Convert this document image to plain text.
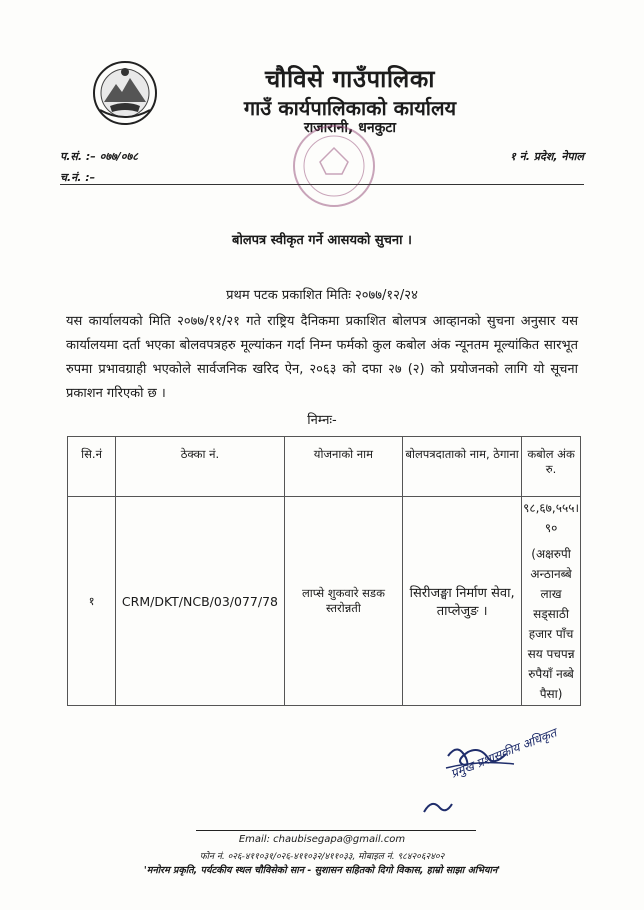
चौविसे गाउँपालिका
गाउँ कार्यपालिकाको कार्यालय
राजारानी, धनकुटा
प.सं. :– ०७७/०७८
च.नं. :–
१ नं. प्रदेश, नेपाल
बोलपत्र स्वीकृत गर्ने आसयको सुचना ।
प्रथम पटक प्रकाशित मितिः २०७७/१२/२४
यस कार्यालयको मिति २०७७/११/२१ गते राष्ट्रिय दैनिकमा प्रकाशित बोलपत्र आव्हानको सुचना अनुसार यस कार्यालयमा दर्ता भएका बोलवपत्रहरु मूल्यांकन गर्दा निम्न फर्मको कुल कबोल अंक न्यूनतम मूल्यांकित सारभूत रुपमा प्रभावग्राही भएकोले सार्वजनिक खरिद ऐन, २०६३ को दफा २७ (२) को प्रयोजनको लागि यो सूचना प्रकाशन गरिएको छ ।
निम्नः-
सि.नं	ठेक्का नं.	योजनाको नाम	बोलपत्रदाताको नाम, ठेगाना	कबोल अंक रु.
१	CRM/DKT/NCB/03/077/78	लाप्से शुकवारे सडक स्तरोन्नती	सिरीजङ्घा निर्माण सेवा, ताप्लेजुङ ।	९८,६७,५५५।९०
(अक्षरुपी अन्ठानब्बे लाख सड्साठी हजार पाँच सय पचपन्न रुपैयाँ नब्बे पैसा)
प्रमुख प्रशासकीय अधिकृत
Email: chaubisegapa@gmail.com
फोन नं. ०२६-४११०३१/०२६-४११०३२/४११०३३, मोबाइल नं. ९८४२०६२४०२
'मनोरम प्रकृति, पर्यटकीय स्थल चौविसेको सान - सुशासन सहितको दिगो विकास, हाम्रो साझा अभियान'
